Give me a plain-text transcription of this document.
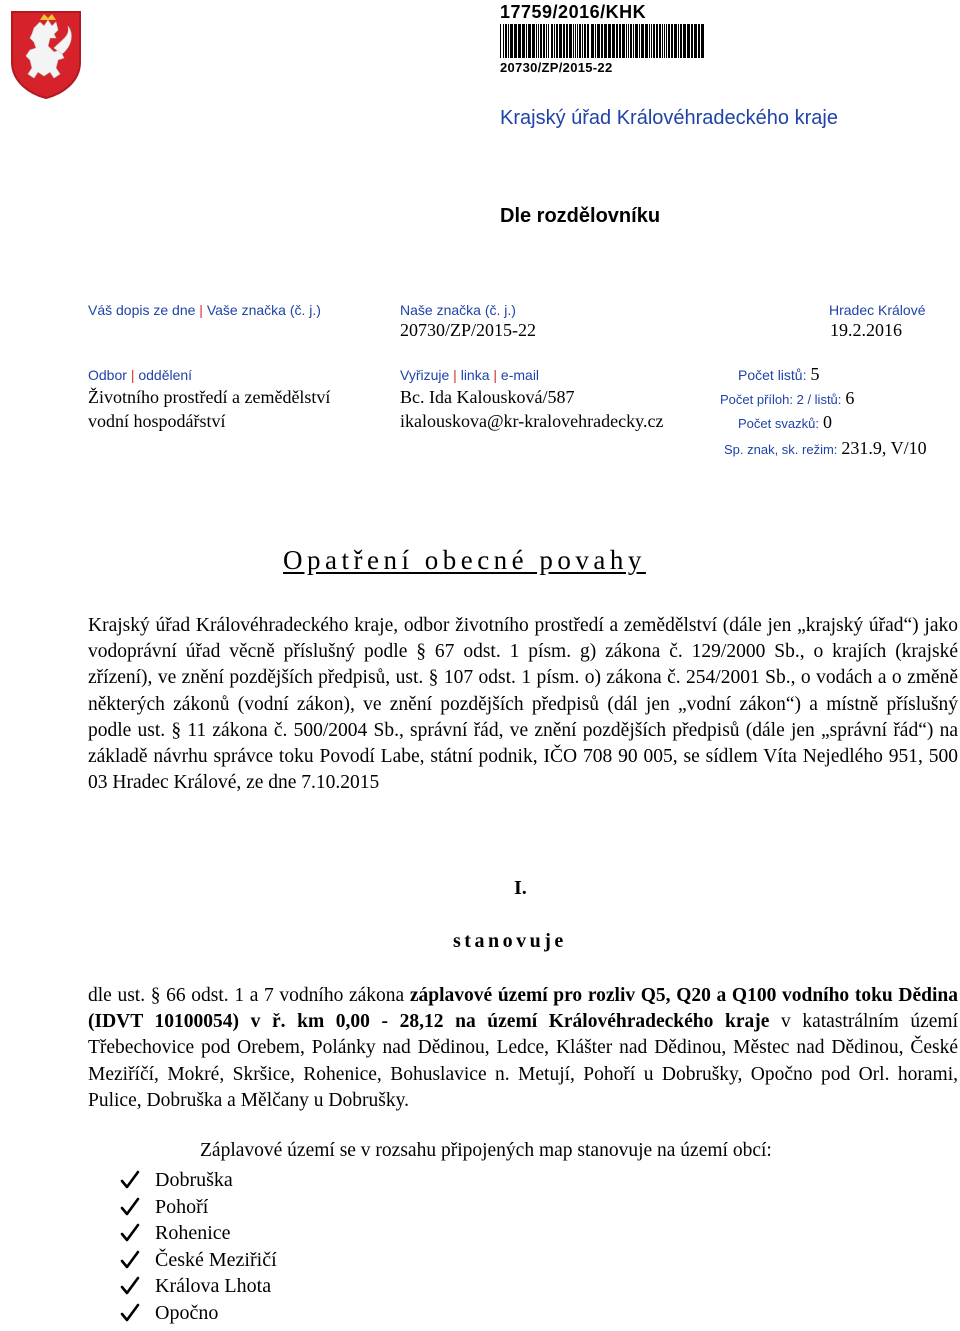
17759/2016/KHK
20730/ZP/2015-22
Krajský úřad Královéhradeckého kraje
Dle rozdělovníku
Váš dopis ze dne | Vaše značka (č. j.)	Naše značka (č. j.)
20730/ZP/2015-22
Hradec Králové
19.2.2016
Odbor | oddělení
Životního prostředí a zemědělství
vodní hospodářství
Vyřizuje | linka | e-mail
Bc. Ida Kalousková/587
ikalouskova@kr-kralovehradecky.cz
Počet listů: 5
Počet příloh: 2 / listů: 6
Počet svazků: 0
Sp. znak, sk. režim: 231.9, V/10
Opatření obecné povahy

Krajský úřad Královéhradeckého kraje, odbor životního prostředí a zemědělství (dále jen „krajský úřad“) jako vodoprávní úřad věcně příslušný podle § 67 odst. 1 písm. g) zákona č. 129/2000 Sb., o krajích (krajské zřízení), ve znění pozdějších předpisů, ust. § 107 odst. 1 písm. o) zákona č. 254/2001 Sb., o vodách a o změně některých zákonů (vodní zákon), ve znění pozdějších předpisů (dál jen „vodní zákon“) a místně příslušný podle ust. § 11 zákona č. 500/2004 Sb., správní řád, ve znění pozdějších předpisů (dále jen „správní řád“) na základě návrhu správce toku Povodí Labe, státní podnik, IČO 708 90 005, se sídlem Víta Nejedlého 951, 500 03 Hradec Králové, ze dne 7.10.2015

I.
stanovuje

dle ust. § 66 odst. 1 a 7 vodního zákona záplavové území pro rozliv Q5, Q20 a Q100 vodního toku Dědina (IDVT 10100054) v ř. km 0,00 - 28,12 na území Královéhradeckého kraje v katastrálním území Třebechovice pod Orebem, Polánky nad Dědinou, Ledce, Klášter nad Dědinou, Městec nad Dědinou, České Meziříčí, Mokré, Skršice, Rohenice, Bohuslavice n. Metují, Pohoří u Dobrušky, Opočno pod Orl. horami, Pulice, Dobruška a Mělčany u Dobrušky.

Záplavové území se v rozsahu připojených map stanovuje na území obcí:
Dobruška
Pohoří
Rohenice
České Meziřičí
Králova Lhota
Opočno
